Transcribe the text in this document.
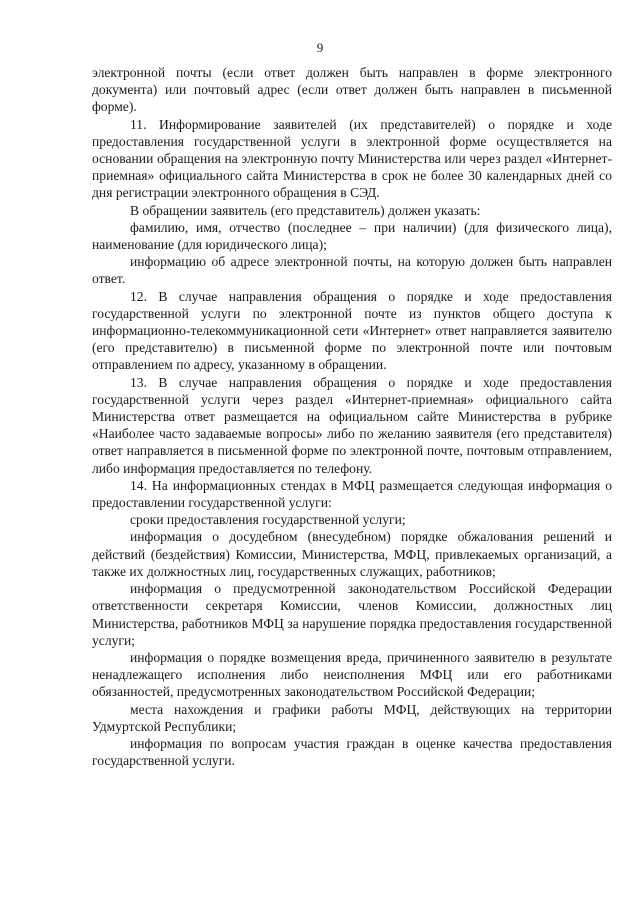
9

электронной почты (если ответ должен быть направлен в форме электронного документа) или почтовый адрес (если ответ должен быть направлен в письменной форме).

11. Информирование заявителей (их представителей) о порядке и ходе предоставления государственной услуги в электронной форме осуществляется на основании обращения на электронную почту Министерства или через раздел «Интернет-приемная» официального сайта Министерства в срок не более 30 календарных дней со дня регистрации электронного обращения в СЭД.

В обращении заявитель (его представитель) должен указать:

фамилию, имя, отчество (последнее – при наличии) (для физического лица), наименование (для юридического лица);

информацию об адресе электронной почты, на которую должен быть направлен ответ.

12. В случае направления обращения о порядке и ходе предоставления государственной услуги по электронной почте из пунктов общего доступа к информационно-телекоммуникационной сети «Интернет» ответ направляется заявителю (его представителю) в письменной форме по электронной почте или почтовым отправлением по адресу, указанному в обращении.

13. В случае направления обращения о порядке и ходе предоставления государственной услуги через раздел «Интернет-приемная» официального сайта Министерства ответ размещается на официальном сайте Министерства в рубрике «Наиболее часто задаваемые вопросы» либо по желанию заявителя (его представителя) ответ направляется в письменной форме по электронной почте, почтовым отправлением, либо информация предоставляется по телефону.

14. На информационных стендах в МФЦ размещается следующая информация о предоставлении государственной услуги:

сроки предоставления государственной услуги;

информация о досудебном (внесудебном) порядке обжалования решений и действий (бездействия) Комиссии, Министерства, МФЦ, привлекаемых организаций, а также их должностных лиц, государственных служащих, работников;

информация о предусмотренной законодательством Российской Федерации ответственности секретаря Комиссии, членов Комиссии, должностных лиц Министерства, работников МФЦ за нарушение порядка предоставления государственной услуги;

информация о порядке возмещения вреда, причиненного заявителю в результате ненадлежащего исполнения либо неисполнения МФЦ или его работниками обязанностей, предусмотренных законодательством Российской Федерации;

места нахождения и графики работы МФЦ, действующих на территории Удмуртской Республики;

информация по вопросам участия граждан в оценке качества предоставления государственной услуги.
